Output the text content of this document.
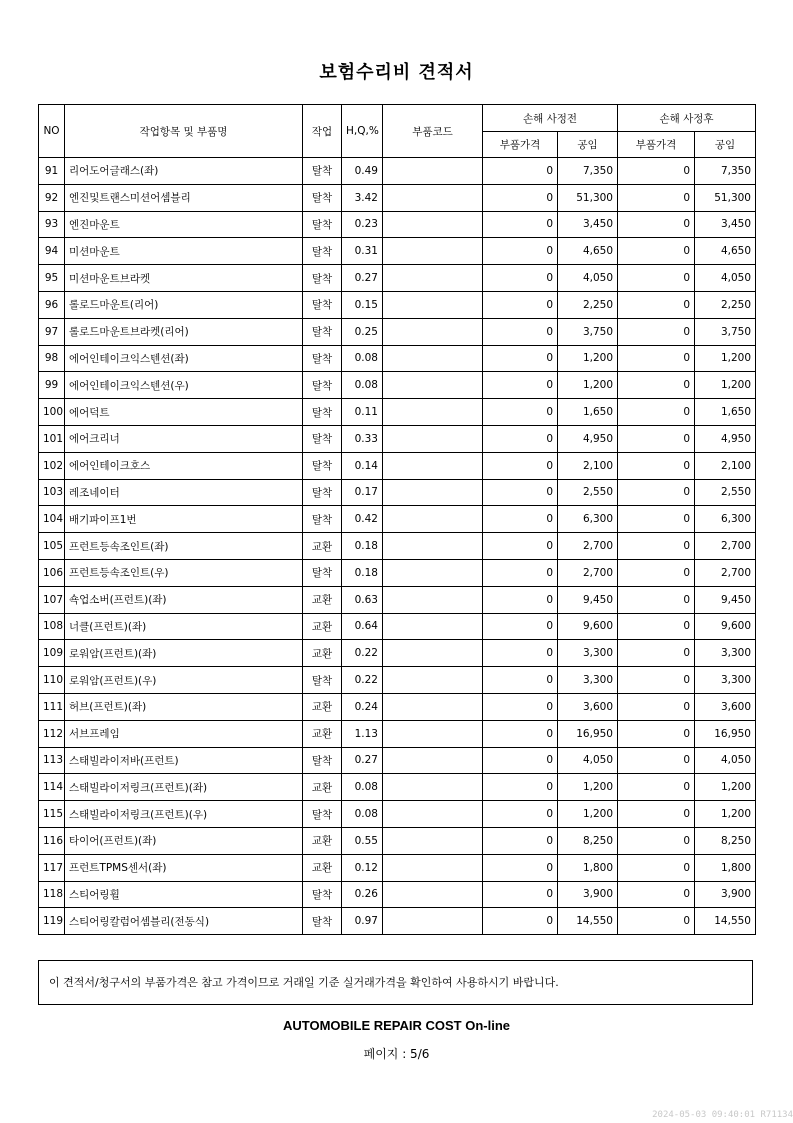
보험수리비 견적서
NO	작업항목 및 부품명	작업	H,Q,%	부품코드	손해 사정전		손해 사정후	
					부품가격	공임	부품가격	공임
91	리어도어글래스(좌)	탈착	0.49		0	7,350	0	7,350
92	엔진및트랜스미션어셈블리	탈착	3.42		0	51,300	0	51,300
93	엔진마운트	탈착	0.23		0	3,450	0	3,450
94	미션마운트	탈착	0.31		0	4,650	0	4,650
95	미션마운트브라켓	탈착	0.27		0	4,050	0	4,050
96	롤로드마운트(리어)	탈착	0.15		0	2,250	0	2,250
97	롤로드마운트브라켓(리어)	탈착	0.25		0	3,750	0	3,750
98	에어인테이크익스텐션(좌)	탈착	0.08		0	1,200	0	1,200
99	에어인테이크익스텐션(우)	탈착	0.08		0	1,200	0	1,200
100	에어덕트	탈착	0.11		0	1,650	0	1,650
101	에어크리너	탈착	0.33		0	4,950	0	4,950
102	에어인테이크호스	탈착	0.14		0	2,100	0	2,100
103	레조네이터	탈착	0.17		0	2,550	0	2,550
104	배기파이프1번	탈착	0.42		0	6,300	0	6,300
105	프런트등속조인트(좌)	교환	0.18		0	2,700	0	2,700
106	프런트등속조인트(우)	탈착	0.18		0	2,700	0	2,700
107	쇽업소버(프런트)(좌)	교환	0.63		0	9,450	0	9,450
108	너클(프런트)(좌)	교환	0.64		0	9,600	0	9,600
109	로워암(프런트)(좌)	교환	0.22		0	3,300	0	3,300
110	로워암(프런트)(우)	탈착	0.22		0	3,300	0	3,300
111	허브(프런트)(좌)	교환	0.24		0	3,600	0	3,600
112	서브프레임	교환	1.13		0	16,950	0	16,950
113	스태빌라이저바(프런트)	탈착	0.27		0	4,050	0	4,050
114	스태빌라이저링크(프런트)(좌)	교환	0.08		0	1,200	0	1,200
115	스태빌라이저링크(프런트)(우)	탈착	0.08		0	1,200	0	1,200
116	타이어(프런트)(좌)	교환	0.55		0	8,250	0	8,250
117	프런트TPMS센서(좌)	교환	0.12		0	1,800	0	1,800
118	스티어링휠	탈착	0.26		0	3,900	0	3,900
119	스티어링칼럼어셈블리(전동식)	탈착	0.97		0	14,550	0	14,550
이 견적서/청구서의 부품가격은 참고 가격이므로 거래일 기준 실거래가격을 확인하여 사용하시기 바랍니다.
AUTOMOBILE REPAIR COST On-line
페이지 : 5/6
2024-05-03 09:40:01 R71134
